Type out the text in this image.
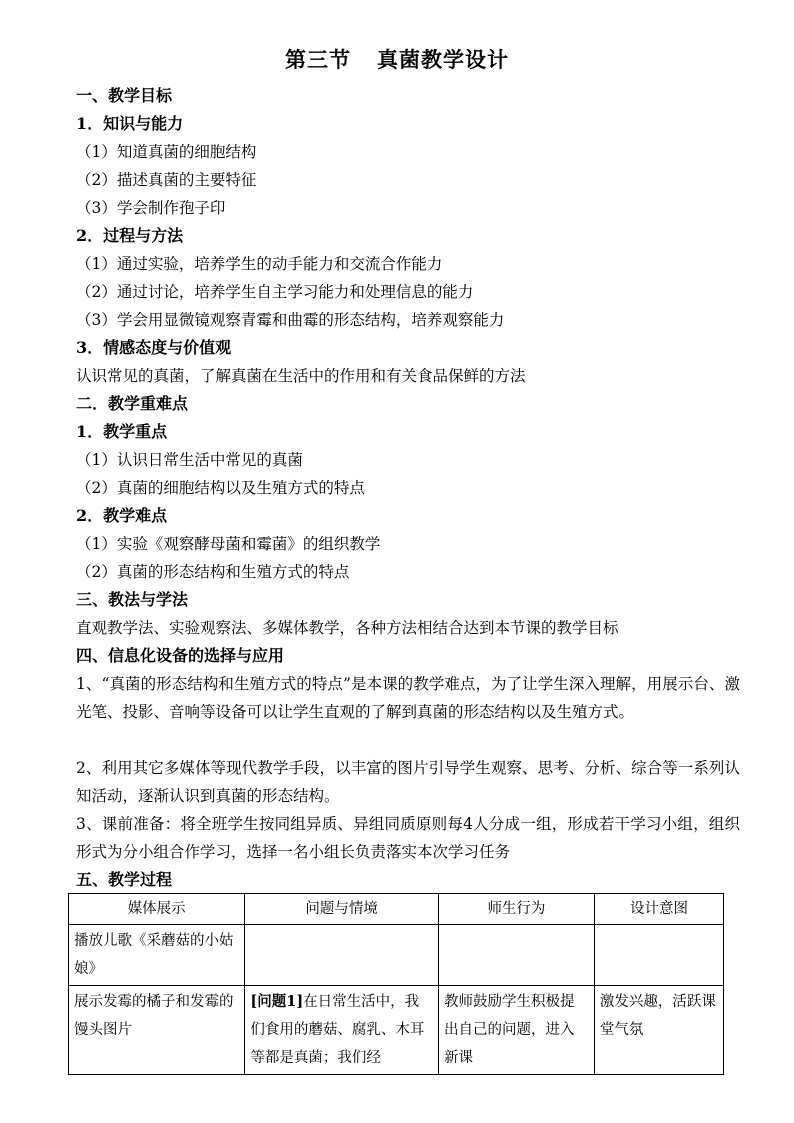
第三节 真菌教学设计
一、教学目标
1．知识与能力
（1）知道真菌的细胞结构
（2）描述真菌的主要特征
（3）学会制作孢子印
2．过程与方法
（1）通过实验，培养学生的动手能力和交流合作能力
（2）通过讨论，培养学生自主学习能力和处理信息的能力
（3）学会用显微镜观察青霉和曲霉的形态结构，培养观察能力
3．情感态度与价值观
认识常见的真菌，了解真菌在生活中的作用和有关食品保鲜的方法
二．教学重难点
1．教学重点
（1）认识日常生活中常见的真菌
（2）真菌的细胞结构以及生殖方式的特点
2．教学难点
（1）实验《观察酵母菌和霉菌》的组织教学
（2）真菌的形态结构和生殖方式的特点
三、教法与学法
直观教学法、实验观察法、多媒体教学，各种方法相结合达到本节课的教学目标
四、信息化设备的选择与应用
1、“真菌的形态结构和生殖方式的特点”是本课的教学难点，为了让学生深入理解，用展示台、激光笔、投影、音响等设备可以让学生直观的了解到真菌的形态结构以及生殖方式。
2、利用其它多媒体等现代教学手段，以丰富的图片引导学生观察、思考、分析、综合等一系列认知活动，逐渐认识到真菌的形态结构。
3、课前准备：将全班学生按同组异质、异组同质原则每4人分成一组，形成若干学习小组，组织形式为分小组合作学习，选择一名小组长负责落实本次学习任务
五、教学过程
媒体展示	问题与情境	师生行为	设计意图
播放儿歌《采蘑菇的小姑娘》			
展示发霉的橘子和发霉的馒头图片	[问题1]在日常生活中，我们食用的蘑菇、腐乳、木耳等都是真菌；我们经	教师鼓励学生积极提出自己的问题，进入新课	激发兴趣，活跃课堂气氛
